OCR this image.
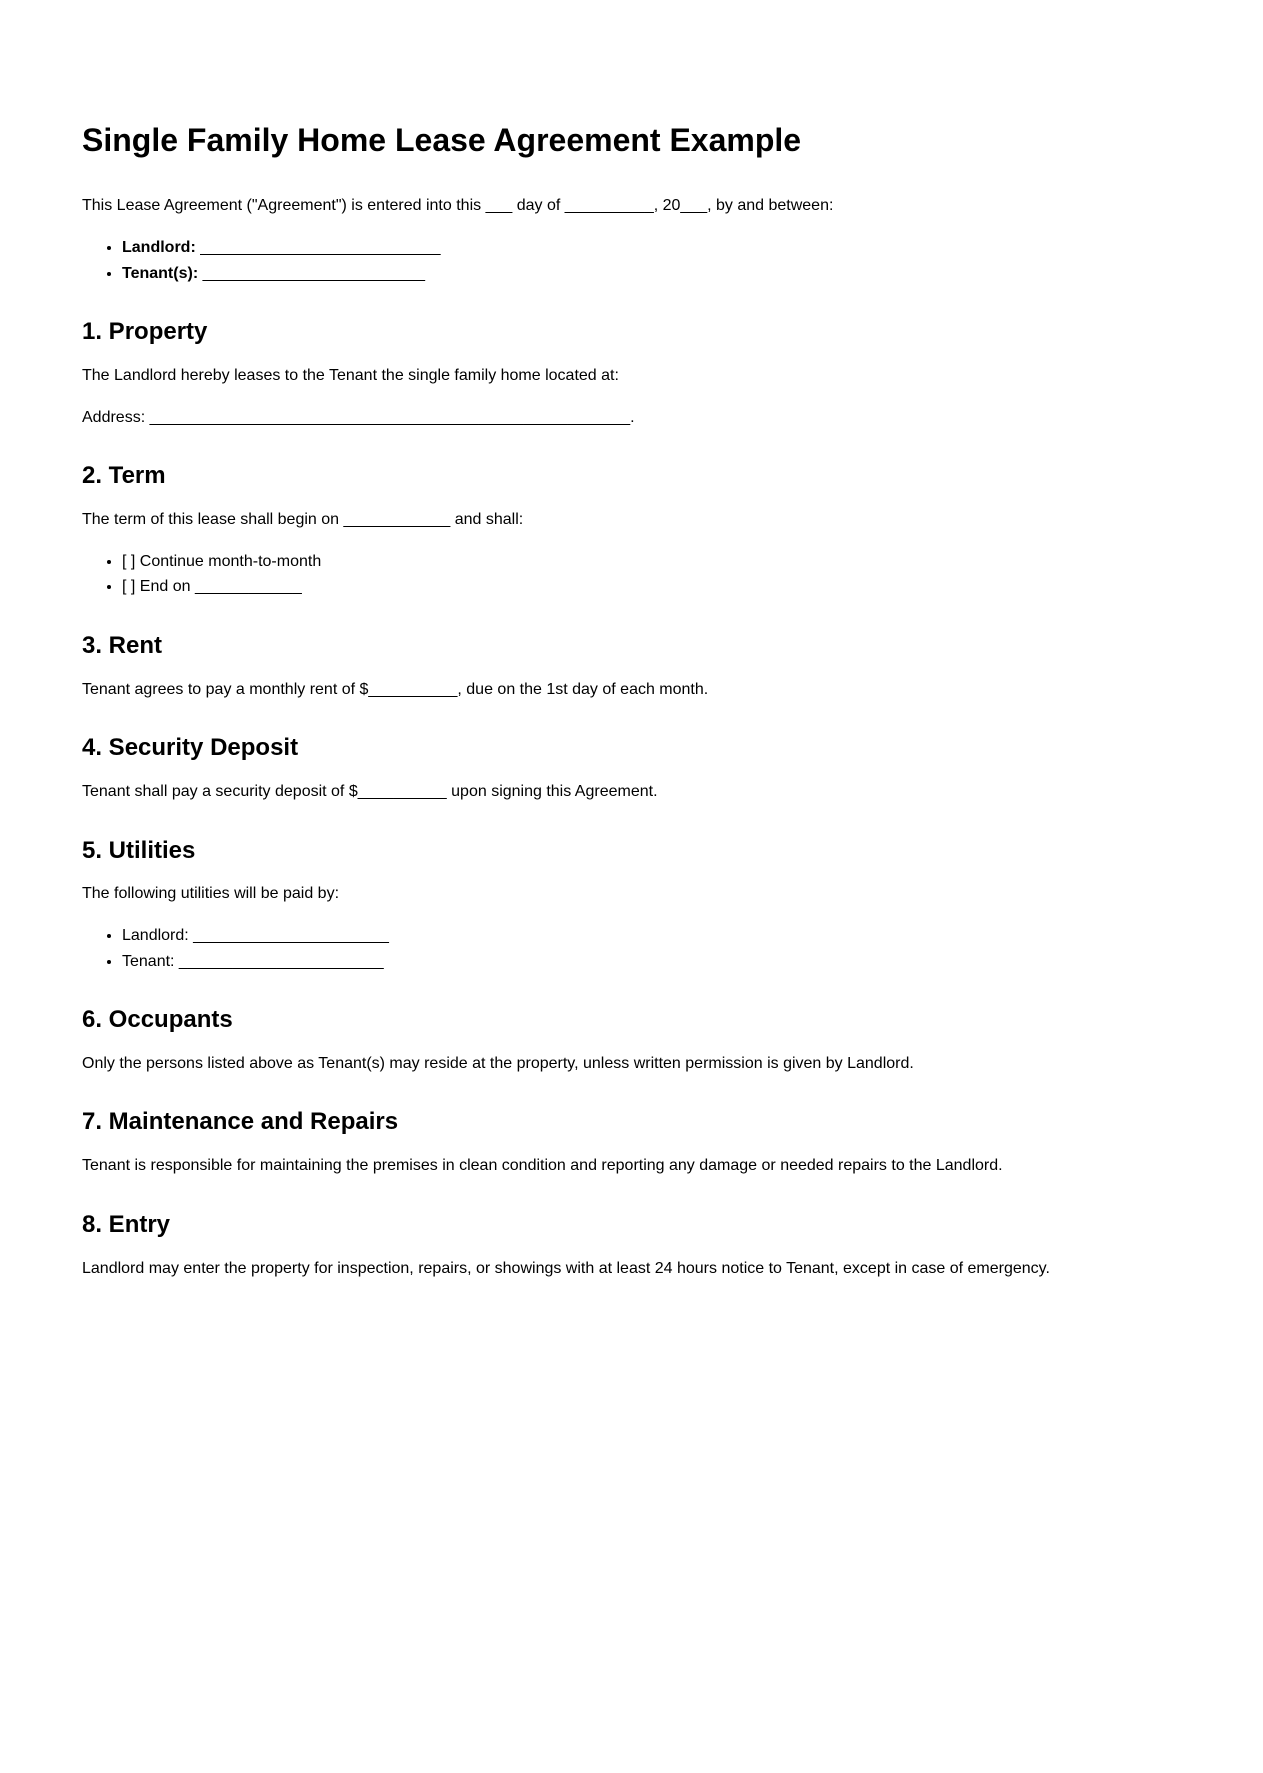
Single Family Home Lease Agreement Example

This Lease Agreement ("Agreement") is entered into this ___ day of __________, 20___, by and between:

• Landlord: ___________________________
• Tenant(s): _________________________
1. Property

The Landlord hereby leases to the Tenant the single family home located at:

Address: ______________________________________________________.

2. Term

The term of this lease shall begin on ____________ and shall:

• [ ] Continue month-to-month
• [ ] End on ____________
3. Rent

Tenant agrees to pay a monthly rent of $__________, due on the 1st day of each month.

4. Security Deposit

Tenant shall pay a security deposit of $__________ upon signing this Agreement.

5. Utilities

The following utilities will be paid by:

• Landlord: ______________________
• Tenant: _______________________
6. Occupants

Only the persons listed above as Tenant(s) may reside at the property, unless written permission is given by Landlord.

7. Maintenance and Repairs

Tenant is responsible for maintaining the premises in clean condition and reporting any damage or needed repairs to the Landlord.

8. Entry

Landlord may enter the property for inspection, repairs, or showings with at least 24 hours notice to Tenant, except in case of emergency.
